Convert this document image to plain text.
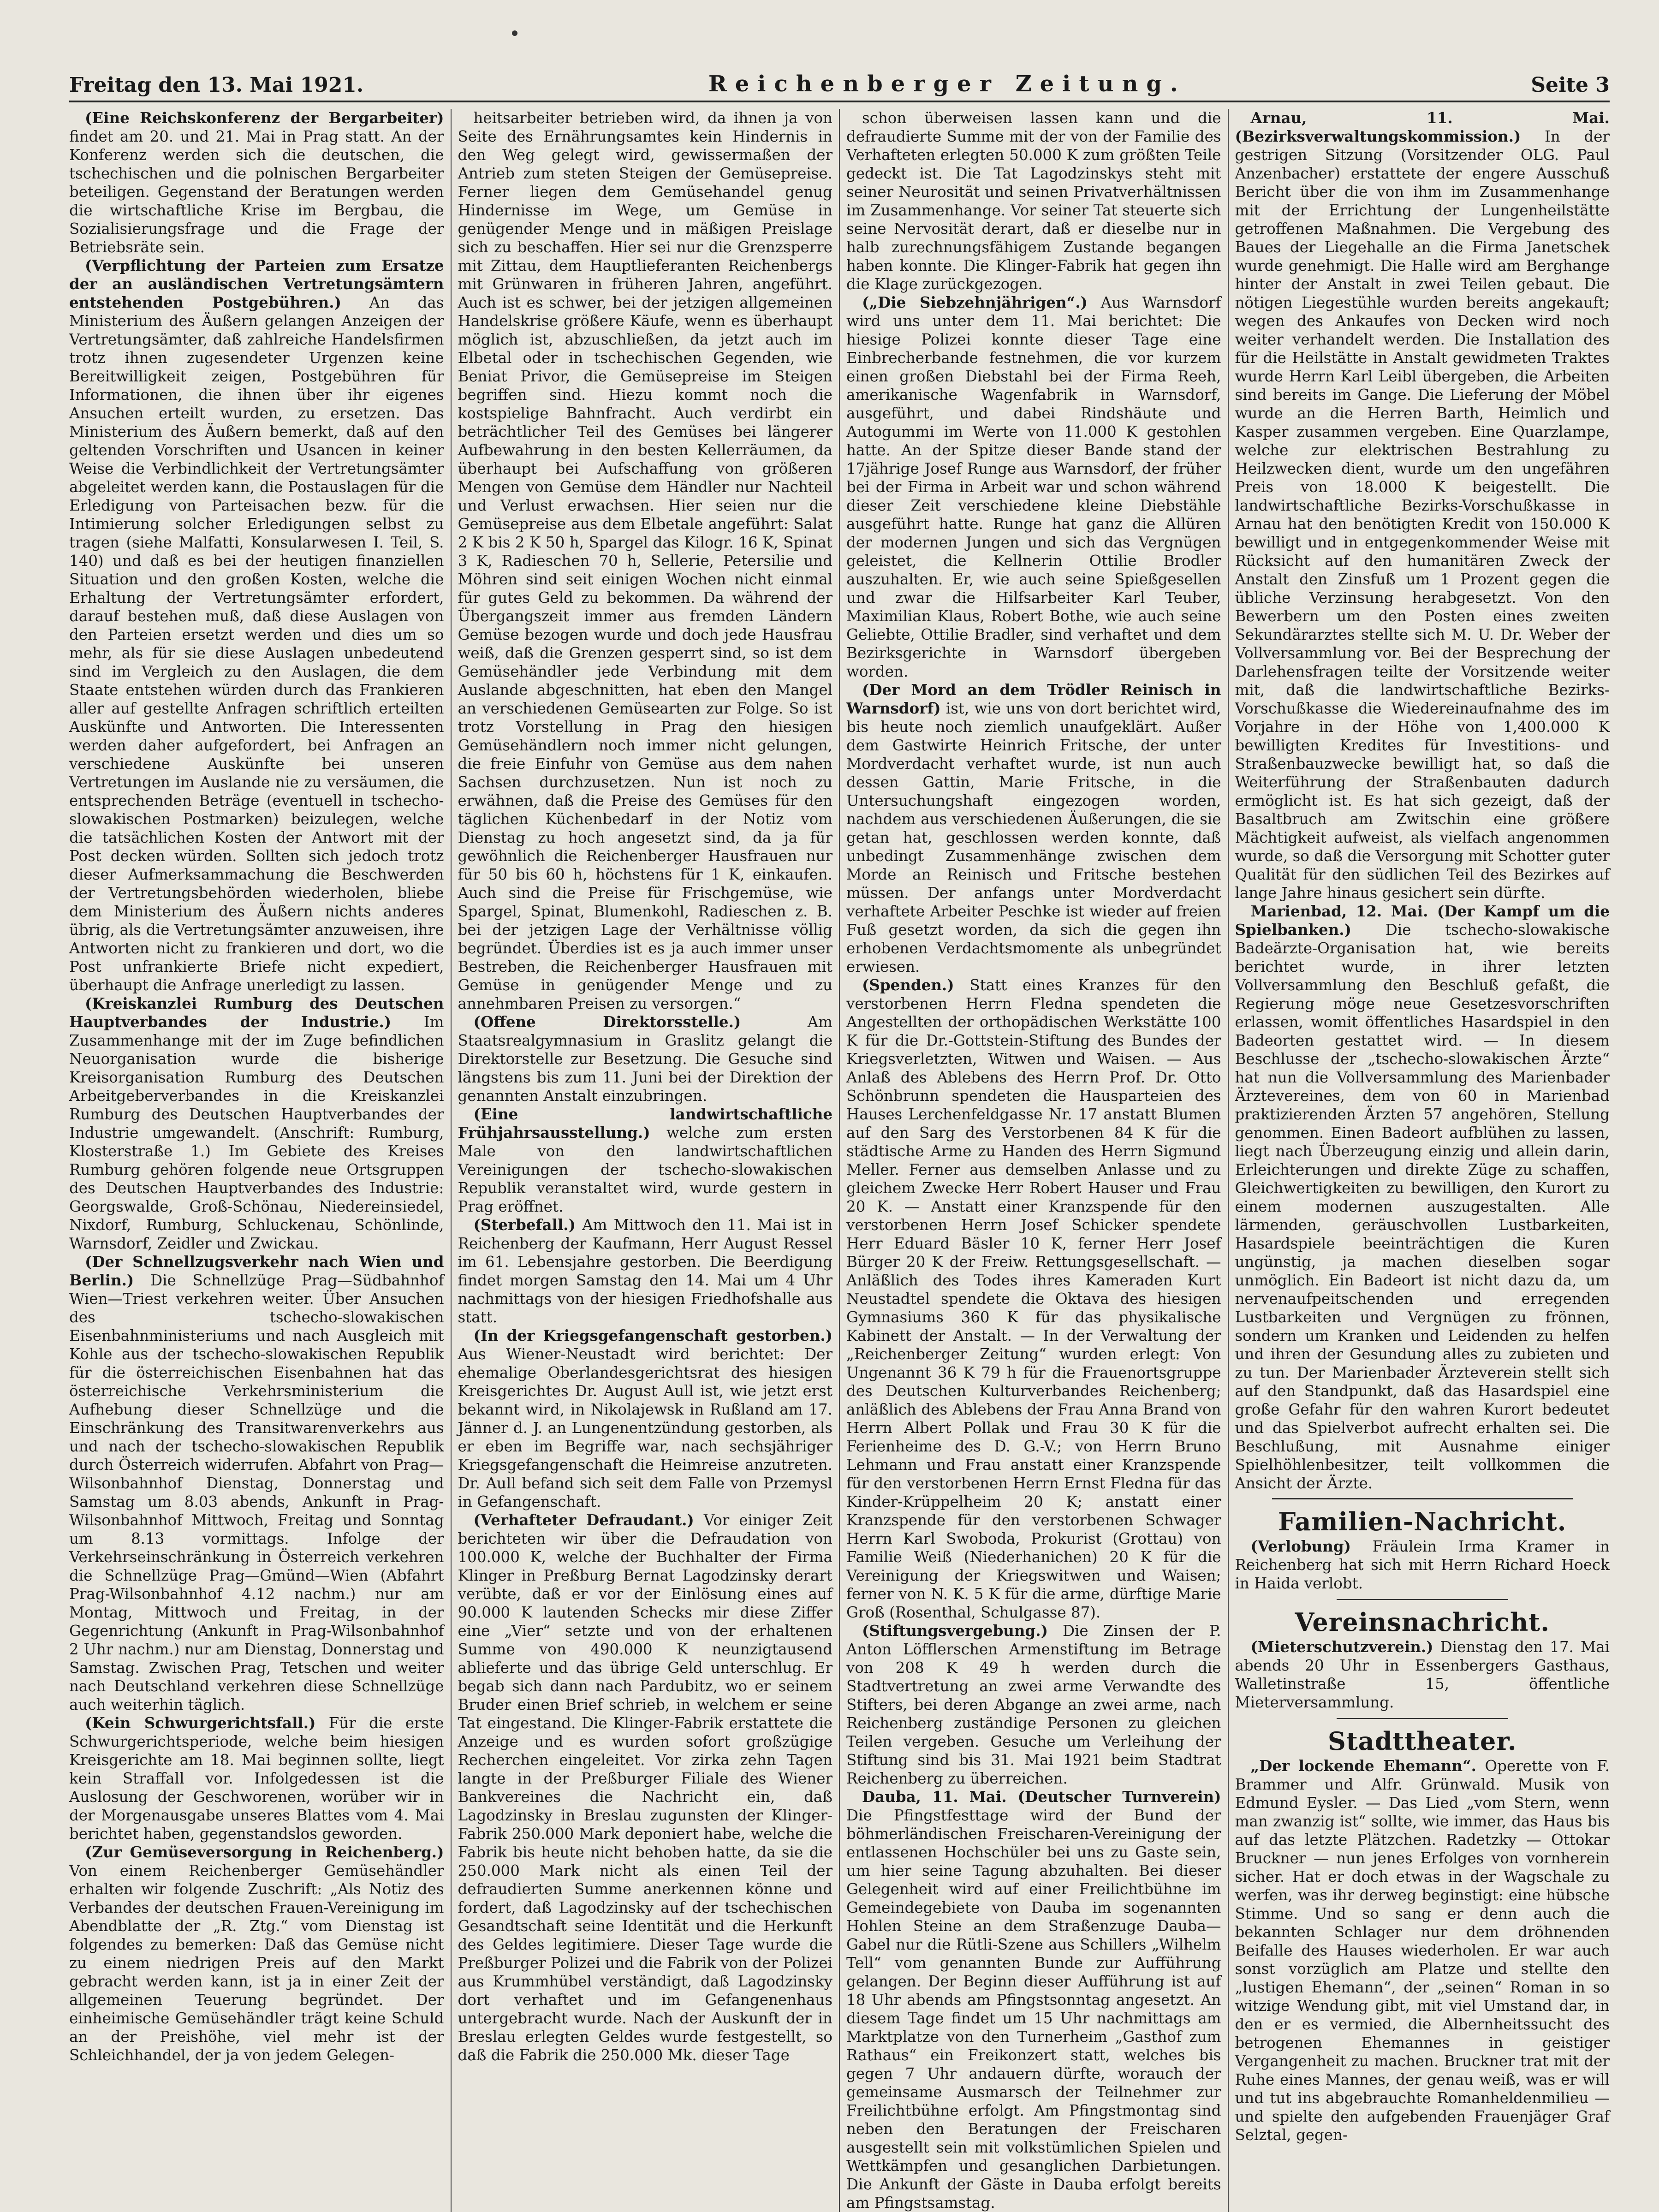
Freitag den 13. Mai 1921.	Reichenberger Zeitung.	Seite 3

(Eine Reichskonferenz der Bergarbeiter) findet am 20. und 21. Mai in Prag statt. An der Konferenz werden sich die deutschen, die tschechischen und die polnischen Bergarbeiter beteiligen. Gegenstand der Beratungen werden die wirtschaftliche Krise im Bergbau, die Sozialisierungsfrage und die Frage der Betriebsräte sein.

(Verpflichtung der Parteien zum Ersatze der an ausländischen Vertretungsämtern entstehenden Postgebühren.) An das Ministerium des Äußern gelangen Anzeigen der Vertretungsämter, daß zahlreiche Handelsfirmen trotz ihnen zugesendeter Urgenzen keine Bereitwilligkeit zeigen, Postgebühren für Informationen, die ihnen über ihr eigenes Ansuchen erteilt wurden, zu ersetzen. Das Ministerium des Äußern bemerkt, daß auf den geltenden Vorschriften und Usancen in keiner Weise die Verbindlichkeit der Vertretungsämter abgeleitet werden kann, die Postauslagen für die Erledigung von Parteisachen bezw. für die Intimierung solcher Erledigungen selbst zu tragen (siehe Malfatti, Konsularwesen I. Teil, S. 140) und daß es bei der heutigen finanziellen Situation und den großen Kosten, welche die Erhaltung der Vertretungsämter erfordert, darauf bestehen muß, daß diese Auslagen von den Parteien ersetzt werden und dies um so mehr, als für sie diese Auslagen unbedeutend sind im Vergleich zu den Auslagen, die dem Staate entstehen würden durch das Frankieren aller auf gestellte Anfragen schriftlich erteilten Auskünfte und Antworten. Die Interessenten werden daher aufgefordert, bei Anfragen an verschiedene Auskünfte bei unseren Vertretungen im Auslande nie zu versäumen, die entsprechenden Beträge (eventuell in tschecho-slowakischen Postmarken) beizulegen, welche die tatsächlichen Kosten der Antwort mit der Post decken würden. Sollten sich jedoch trotz dieser Aufmerksammachung die Beschwerden der Vertretungsbehörden wiederholen, bliebe dem Ministerium des Äußern nichts anderes übrig, als die Vertretungsämter anzuweisen, ihre Antworten nicht zu frankieren und dort, wo die Post unfrankierte Briefe nicht expediert, überhaupt die Anfrage unerledigt zu lassen.

(Kreiskanzlei Rumburg des Deutschen Hauptverbandes der Industrie.) Im Zusammenhange mit der im Zuge befindlichen Neuorganisation wurde die bisherige Kreisorganisation Rumburg des Deutschen Arbeitgeberverbandes in die Kreiskanzlei Rumburg des Deutschen Hauptverbandes der Industrie umgewandelt. (Anschrift: Rumburg, Klosterstraße 1.) Im Gebiete des Kreises Rumburg gehören folgende neue Ortsgruppen des Deutschen Hauptverbandes des Industrie: Georgswalde, Groß-Schönau, Niedereinsiedel, Nixdorf, Rumburg, Schluckenau, Schönlinde, Warnsdorf, Zeidler und Zwickau.

(Der Schnellzugsverkehr nach Wien und Berlin.) Die Schnellzüge Prag—Südbahnhof Wien—Triest verkehren weiter. Über Ansuchen des tschecho-slowakischen Eisenbahnministeriums und nach Ausgleich mit Kohle aus der tschecho-slowakischen Republik für die österreichischen Eisenbahnen hat das österreichische Verkehrsministerium die Aufhebung dieser Schnellzüge und die Einschränkung des Transitwarenverkehrs aus und nach der tschecho-slowakischen Republik durch Österreich widerrufen. Abfahrt von Prag—Wilsonbahnhof Dienstag, Donnerstag und Samstag um 8.03 abends, Ankunft in Prag-Wilsonbahnhof Mittwoch, Freitag und Sonntag um 8.13 vormittags. Infolge der Verkehrseinschränkung in Österreich verkehren die Schnellzüge Prag—Gmünd—Wien (Abfahrt Prag-Wilsonbahnhof 4.12 nachm.) nur am Montag, Mittwoch und Freitag, in der Gegenrichtung (Ankunft in Prag-Wilsonbahnhof 2 Uhr nachm.) nur am Dienstag, Donnerstag und Samstag. Zwischen Prag, Tetschen und weiter nach Deutschland verkehren diese Schnellzüge auch weiterhin täglich.

(Kein Schwurgerichtsfall.) Für die erste Schwurgerichtsperiode, welche beim hiesigen Kreisgerichte am 18. Mai beginnen sollte, liegt kein Straffall vor. Infolgedessen ist die Auslosung der Geschworenen, worüber wir in der Morgenausgabe unseres Blattes vom 4. Mai berichtet haben, gegenstandslos geworden.

(Zur Gemüseversorgung in Reichenberg.) Von einem Reichenberger Gemüsehändler erhalten wir folgende Zuschrift: „Als Notiz des Verbandes der deutschen Frauen-Vereinigung im Abendblatte der „R. Ztg.“ vom Dienstag ist folgendes zu bemerken: Daß das Gemüse nicht zu einem niedrigen Preis auf den Markt gebracht werden kann, ist ja in einer Zeit der allgemeinen Teuerung begründet. Der einheimische Gemüsehändler trägt keine Schuld an der Preishöhe, viel mehr ist der Schleichhandel, der ja von jedem Gelegen-

heitsarbeiter betrieben wird, da ihnen ja von Seite des Ernährungsamtes kein Hindernis in den Weg gelegt wird, gewissermaßen der Antrieb zum steten Steigen der Gemüsepreise. Ferner liegen dem Gemüsehandel genug Hindernisse im Wege, um Gemüse in genügender Menge und in mäßigen Preislage sich zu beschaffen. Hier sei nur die Grenzsperre mit Zittau, dem Hauptlieferanten Reichenbergs mit Grünwaren in früheren Jahren, angeführt. Auch ist es schwer, bei der jetzigen allgemeinen Handelskrise größere Käufe, wenn es überhaupt möglich ist, abzuschließen, da jetzt auch im Elbetal oder in tschechischen Gegenden, wie Beniat Privor, die Gemüsepreise im Steigen begriffen sind. Hiezu kommt noch die kostspielige Bahnfracht. Auch verdirbt ein beträchtlicher Teil des Gemüses bei längerer Aufbewahrung in den besten Kellerräumen, da überhaupt bei Aufschaffung von größeren Mengen von Gemüse dem Händler nur Nachteil und Verlust erwachsen. Hier seien nur die Gemüsepreise aus dem Elbetale angeführt: Salat 2 K bis 2 K 50 h, Spargel das Kilogr. 16 K, Spinat 3 K, Radieschen 70 h, Sellerie, Petersilie und Möhren sind seit einigen Wochen nicht einmal für gutes Geld zu bekommen. Da während der Übergangszeit immer aus fremden Ländern Gemüse bezogen wurde und doch jede Hausfrau weiß, daß die Grenzen gesperrt sind, so ist dem Gemüsehändler jede Verbindung mit dem Auslande abgeschnitten, hat eben den Mangel an verschiedenen Gemüsearten zur Folge. So ist trotz Vorstellung in Prag den hiesigen Gemüsehändlern noch immer nicht gelungen, die freie Einfuhr von Gemüse aus dem nahen Sachsen durchzusetzen. Nun ist noch zu erwähnen, daß die Preise des Gemüses für den täglichen Küchenbedarf in der Notiz vom Dienstag zu hoch angesetzt sind, da ja für gewöhnlich die Reichenberger Hausfrauen nur für 50 bis 60 h, höchstens für 1 K, einkaufen. Auch sind die Preise für Frischgemüse, wie Spargel, Spinat, Blumenkohl, Radieschen z. B. bei der jetzigen Lage der Verhältnisse völlig begründet. Überdies ist es ja auch immer unser Bestreben, die Reichenberger Hausfrauen mit Gemüse in genügender Menge und zu annehmbaren Preisen zu versorgen.“

(Offene Direktorsstelle.)	Am Staatsrealgymnasium in Graslitz gelangt die Direktorstelle zur Besetzung. Die Gesuche sind längstens bis zum 11. Juni bei der Direktion der genannten Anstalt einzubringen.

(Eine landwirtschaftliche Frühjahrsausstellung.) welche zum ersten Male von den landwirtschaftlichen Vereinigungen der tschecho-slowakischen Republik veranstaltet wird, wurde gestern in Prag eröffnet.

(Sterbefall.) Am Mittwoch den 11. Mai ist in Reichenberg der Kaufmann, Herr August Ressel im 61. Lebensjahre gestorben. Die Beerdigung findet morgen Samstag den 14. Mai um 4 Uhr nachmittags von der hiesigen Friedhofshalle aus statt.

(In der Kriegsgefangenschaft gestorben.) Aus Wiener-Neustadt wird berichtet: Der ehemalige Oberlandesgerichtsrat des hiesigen Kreisgerichtes Dr. August Aull ist, wie jetzt erst bekannt wird, in Nikolajewsk in Rußland am 17. Jänner d. J. an Lungenentzündung gestorben, als er eben im Begriffe war, nach sechsjähriger Kriegsgefangenschaft die Heimreise anzutreten. Dr. Aull befand sich seit dem Falle von Przemysl in Gefangenschaft.

(Verhafteter Defraudant.) Vor einiger Zeit berichteten wir über die Defraudation von 100.000 K, welche der Buchhalter der Firma Klinger in Preßburg Bernat Lagodzinsky derart verübte, daß er vor der Einlösung eines auf 90.000 K lautenden Schecks mir diese Ziffer eine „Vier“ setzte und von der erhaltenen Summe von 490.000 K neunzigtausend ablieferte und das übrige Geld unterschlug. Er begab sich dann nach Pardubitz, wo er seinem Bruder einen Brief schrieb, in welchem er seine Tat eingestand. Die Klinger-Fabrik erstattete die Anzeige und es wurden sofort großzügige Recherchen eingeleitet. Vor zirka zehn Tagen langte in der Preßburger Filiale des Wiener Bankvereines die Nachricht ein, daß Lagodzinsky in Breslau zugunsten der Klinger-Fabrik 250.000 Mark deponiert habe, welche die Fabrik bis heute nicht behoben hatte, da sie die 250.000 Mark nicht als einen Teil der defraudierten Summe anerkennen könne und fordert, daß Lagodzinsky auf der tschechischen Gesandtschaft seine Identität und die Herkunft des Geldes legitimiere. Dieser Tage wurde die Preßburger Polizei und die Fabrik von der Polizei aus Krummhübel verständigt, daß Lagodzinsky dort verhaftet und im Gefangenenhaus untergebracht wurde. Nach der Auskunft der in Breslau erlegten Geldes wurde festgestellt, so daß die Fabrik die 250.000 Mk. dieser Tage

schon überweisen lassen kann und die defraudierte Summe mit der von der Familie des Verhafteten erlegten 50.000 K zum größten Teile gedeckt ist. Die Tat Lagodzinskys steht mit seiner Neurosität und seinen Privatverhältnissen im Zusammenhange. Vor seiner Tat steuerte sich seine Nervosität derart, daß er dieselbe nur in halb zurechnungsfähigem Zustande begangen haben konnte. Die Klinger-Fabrik hat gegen ihn die Klage zurückgezogen.

(„Die Siebzehnjährigen“.) Aus Warnsdorf wird uns unter dem 11. Mai berichtet: Die hiesige Polizei konnte dieser Tage eine Einbrecherbande festnehmen, die vor kurzem einen großen Diebstahl bei der Firma Reeh, amerikanische Wagenfabrik in Warnsdorf, ausgeführt, und dabei Rindshäute und Autogummi im Werte von 11.000 K gestohlen hatte. An der Spitze dieser Bande stand der 17jährige Josef Runge aus Warnsdorf, der früher bei der Firma in Arbeit war und schon während dieser Zeit verschiedene kleine Diebstähle ausgeführt hatte. Runge hat ganz die Allüren der modernen Jungen und sich das Vergnügen geleistet, die Kellnerin Ottilie Brodler auszuhalten. Er, wie auch seine Spießgesellen und zwar die Hilfsarbeiter Karl Teuber, Maximilian Klaus, Robert Bothe, wie auch seine Geliebte, Ottilie Bradler, sind verhaftet und dem Bezirksgerichte in Warnsdorf übergeben worden.

(Der Mord an dem Trödler Reinisch in Warnsdorf) ist, wie uns von dort berichtet wird, bis heute noch ziemlich unaufgeklärt. Außer dem Gastwirte Heinrich Fritsche, der unter Mordverdacht verhaftet wurde, ist nun auch dessen Gattin, Marie Fritsche, in die Untersuchungshaft eingezogen worden, nachdem aus verschiedenen Äußerungen, die sie getan hat, geschlossen werden konnte, daß unbedingt Zusammenhänge zwischen dem Morde an Reinisch und Fritsche bestehen müssen. Der anfangs unter Mordverdacht verhaftete Arbeiter Peschke ist wieder auf freien Fuß gesetzt worden, da sich die gegen ihn erhobenen Verdachtsmomente als unbegründet erwiesen.

(Spenden.) Statt eines Kranzes für den verstorbenen Herrn Fledna spendeten die Angestellten der orthopädischen Werkstätte 100 K für die Dr.-Gottstein-Stiftung des Bundes der Kriegsverletzten, Witwen und Waisen. — Aus Anlaß des Ablebens des Herrn Prof. Dr. Otto Schönbrunn spendeten die Hausparteien des Hauses Lerchenfeldgasse Nr. 17 anstatt Blumen auf den Sarg des Verstorbenen 84 K für die städtische Arme zu Handen des Herrn Sigmund Meller. Ferner aus demselben Anlasse und zu gleichem Zwecke Herr Robert Hauser und Frau 20 K. — Anstatt einer Kranzspende für den verstorbenen Herrn Josef Schicker spendete Herr Eduard Bäsler 10 K, ferner Herr Josef Bürger 20 K der Freiw. Rettungsgesellschaft. — Anläßlich des Todes ihres Kameraden Kurt Neustadtel spendete die Oktava des hiesigen Gymnasiums 360 K für das physikalische Kabinett der Anstalt. — In der Verwaltung der „Reichenberger Zeitung“ wurden erlegt: Von Ungenannt 36 K 79 h für die Frauenortsgruppe des Deutschen Kulturverbandes Reichenberg; anläßlich des Ablebens der Frau Anna Brand von Herrn Albert Pollak und Frau 30 K für die Ferienheime des D. G.-V.; von Herrn Bruno Lehmann und Frau anstatt einer Kranzspende für den verstorbenen Herrn Ernst Fledna für das Kinder-Krüppelheim 20 K; anstatt einer Kranzspende für den verstorbenen Schwager Herrn Karl Swoboda, Prokurist (Grottau) von Familie Weiß (Niederhanichen) 20 K für die Vereinigung der Kriegswitwen und Waisen; ferner von N. K. 5 K für die arme, dürftige Marie Groß (Rosenthal, Schulgasse 87).

(Stiftungsvergebung.) Die Zinsen der P. Anton Löfflerschen Armenstiftung im Betrage von 208 K 49 h werden durch die Stadtvertretung an zwei arme Verwandte des Stifters, bei deren Abgange an zwei arme, nach Reichenberg zuständige Personen zu gleichen Teilen vergeben. Gesuche um Verleihung der Stiftung sind bis 31. Mai 1921 beim Stadtrat Reichenberg zu überreichen.

Dauba, 11. Mai. (Deutscher Turnverein) Die Pfingstfesttage wird der Bund der böhmerländischen Freischaren-Vereinigung der entlassenen Hochschüler bei uns zu Gaste sein, um hier seine Tagung abzuhalten. Bei dieser Gelegenheit wird auf einer Freilichtbühne im Gemeindegebiete von Dauba im sogenannten Hohlen Steine an dem Straßenzuge Dauba—Gabel nur die Rütli-Szene aus Schillers „Wilhelm Tell“ vom genannten Bunde zur Aufführung gelangen. Der Beginn dieser Aufführung ist auf 18 Uhr abends am Pfingstsonntag angesetzt. An diesem Tage findet um 15 Uhr nachmittags am Marktplatze von den Turnerheim „Gasthof zum Rathaus“ ein Freikonzert statt, welches bis gegen 7 Uhr andauern dürfte, worauch der gemeinsame Ausmarsch der Teilnehmer zur Freilichtbühne erfolgt. Am Pfingstmontag sind neben den Beratungen der Freischaren ausgestellt sein mit volkstümlichen Spielen und Wettkämpfen und gesanglichen Darbietungen. Die Ankunft der Gäste in Dauba erfolgt bereits am Pfingstsamstag.

Arnau, 11. Mai. (Bezirksverwaltungskommission.) In der gestrigen Sitzung (Vorsitzender OLG. Paul Anzenbacher) erstattete der engere Ausschuß Bericht über die von ihm im Zusammenhange mit der Errichtung der Lungenheilstätte getroffenen Maßnahmen. Die Vergebung des Baues der Liegehalle an die Firma Janetschek wurde genehmigt. Die Halle wird am Berghange hinter der Anstalt in zwei Teilen gebaut. Die nötigen Liegestühle wurden bereits angekauft; wegen des Ankaufes von Decken wird noch weiter verhandelt werden. Die Installation des für die Heilstätte in Anstalt gewidmeten Traktes wurde Herrn Karl Leibl übergeben, die Arbeiten sind bereits im Gange. Die Lieferung der Möbel wurde an die Herren Barth, Heimlich und Kasper zusammen vergeben. Eine Quarzlampe, welche zur elektrischen Bestrahlung zu Heilzwecken dient, wurde um den ungefähren Preis von 18.000 K beigestellt. Die landwirtschaftliche Bezirks-Vorschußkasse in Arnau hat den benötigten Kredit von 150.000 K bewilligt und in entgegenkommender Weise mit Rücksicht auf den humanitären Zweck der Anstalt den Zinsfuß um 1 Prozent gegen die übliche Verzinsung herabgesetzt. Von den Bewerbern um den Posten eines zweiten Sekundärarztes stellte sich M. U. Dr. Weber der Vollversammlung vor. Bei der Besprechung der Darlehensfragen teilte der Vorsitzende weiter mit, daß die landwirtschaftliche Bezirks-Vorschußkasse die Wiedereinaufnahme des im Vorjahre in der Höhe von 1,400.000 K bewilligten Kredites für Investitions- und Straßenbauzwecke bewilligt hat, so daß die Weiterführung der Straßenbauten dadurch ermöglicht ist. Es hat sich gezeigt, daß der Basaltbruch am Zwitschin eine größere Mächtigkeit aufweist, als vielfach angenommen wurde, so daß die Versorgung mit Schotter guter Qualität für den südlichen Teil des Bezirkes auf lange Jahre hinaus gesichert sein dürfte.

Marienbad, 12. Mai. (Der Kampf um die Spielbanken.) Die tschecho-slowakische Badeärzte-Organisation hat, wie bereits berichtet wurde, in ihrer letzten Vollversammlung den Beschluß gefaßt, die Regierung möge neue Gesetzesvorschriften erlassen, womit öffentliches Hasardspiel in den Badeorten gestattet wird. — In diesem Beschlusse der „tschecho-slowakischen Ärzte“ hat nun die Vollversammlung des Marienbader Ärztevereines, dem von 60 in Marienbad praktizierenden Ärzten 57 angehören, Stellung genommen. Einen Badeort aufblühen zu lassen, liegt nach Überzeugung einzig und allein darin, Erleichterungen und direkte Züge zu schaffen, Gleichwertigkeiten zu bewilligen, den Kurort zu einem modernen auszugestalten. Alle lärmenden, geräuschvollen Lustbarkeiten, Hasardspiele beeinträchtigen die Kuren ungünstig, ja machen dieselben sogar unmöglich. Ein Badeort ist nicht dazu da, um nervenaufpeitschenden und erregenden Lustbarkeiten und Vergnügen zu frönnen, sondern um Kranken und Leidenden zu helfen und ihren der Gesundung alles zu zubieten und zu tun. Der Marienbader Ärzteverein stellt sich auf den Standpunkt, daß das Hasardspiel eine große Gefahr für den wahren Kurort bedeutet und das Spielverbot aufrecht erhalten sei. Die Beschlußung, mit Ausnahme einiger Spielhöhlenbesitzer, teilt vollkommen die Ansicht der Ärzte.

Familien-Nachricht.

(Verlobung) Fräulein Irma Kramer in Reichenberg hat sich mit Herrn Richard Hoeck in Haida verlobt.

Vereinsnachricht.

(Mieterschutzverein.) Dienstag den 17. Mai abends 20 Uhr in Essenbergers Gasthaus, Walletinstraße 15, öffentliche Mieterversammlung.

Stadttheater.

„Der lockende Ehemann“. Operette von F. Brammer und Alfr. Grünwald. Musik von Edmund Eysler. — Das Lied „vom Stern, wenn man zwanzig ist“ sollte, wie immer, das Haus bis auf das letzte Plätzchen. Radetzky — Ottokar Bruckner — nun jenes Erfolges von vornherein sicher. Hat er doch etwas in der Wagschale zu werfen, was ihr derweg beginstigt: eine hübsche Stimme. Und so sang er denn auch die bekannten Schlager nur dem dröhnenden Beifalle des Hauses wiederholen. Er war auch sonst vorzüglich am Platze und stellte den „lustigen Ehemann“, der „seinen“ Roman in so witzige Wendung gibt, mit viel Umstand dar, in den er es vermied, die Albernheitssucht des betrogenen Ehemannes in geistiger Vergangenheit zu machen. Bruckner trat mit der Ruhe eines Mannes, der genau weiß, was er will und tut ins abgebrauchte Romanheldenmilieu — und spielte den aufgebenden Frauenjäger Graf Selztal, gegen-
